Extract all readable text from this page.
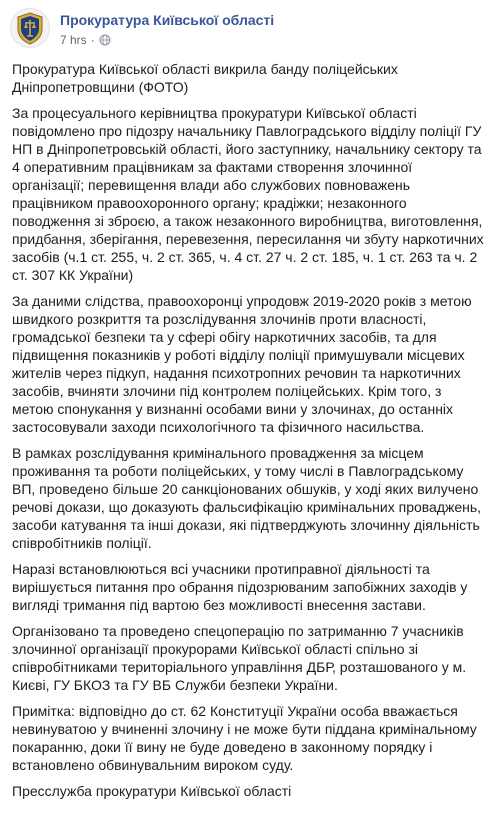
Прокуратура Київської області
7 hrs ·

Прокуратура Київської області викрила банду поліцейських Дніпропетровщини (ФОТО)

За процесуального керівництва прокуратури Київської області повідомлено про підозру начальнику Павлоградського відділу поліції ГУ НП в Дніпропетровській області, його заступнику, начальнику сектору та 4 оперативним працівникам за фактами створення злочинної організації; перевищення влади або службових повноважень працівником правоохоронного органу; крадіжки; незаконного поводження зі зброєю, а також незаконного виробництва, виготовлення, придбання, зберігання, перевезення, пересилання чи збуту наркотичних засобів (ч.1 ст. 255, ч. 2 ст. 365, ч. 4 ст. 27 ч. 2 ст. 185, ч. 1 ст. 263 та ч. 2 ст. 307 КК України)

За даними слідства, правоохоронці упродовж 2019-2020 років з метою швидкого розкриття та розслідування злочинів проти власності, громадської безпеки та у сфері обігу наркотичних засобів, та для підвищення показників у роботі відділу поліції примушували місцевих жителів через підкуп, надання психотропних речовин та наркотичних засобів, вчиняти злочини під контролем поліцейських. Крім того, з метою спонукання у визнанні особами вини у злочинах, до останніх застосовували заходи психологічного та фізичного насильства.

В рамках розслідування кримінального провадження за місцем проживання та роботи поліцейських, у тому числі в Павлоградському ВП, проведено більше 20 санкціонованих обшуків, у ході яких вилучено речові докази, що доказують фальсифікацію кримінальних проваджень, засоби катування та інші докази, які підтверджують злочинну діяльність співробітників поліції.

Наразі встановлюються всі учасники протиправної діяльності та вирішується питання про обрання підозрюваним запобіжних заходів у вигляді тримання під вартою без можливості внесення застави.

Організовано та проведено спецоперацію по затриманню 7 учасників злочинної організації прокурорами Київської області спільно зі співробітниками територіального управління ДБР, розташованого у м. Києві, ГУ БКОЗ та ГУ ВБ Служби безпеки України.

Примітка: відповідно до ст. 62 Конституції України особа вважається невинуватою у вчиненні злочину і не може бути піддана кримінальному покаранню, доки її вину не буде доведено в законному порядку і встановлено обвинувальним вироком суду.

Пресслужба прокуратури Київської області
